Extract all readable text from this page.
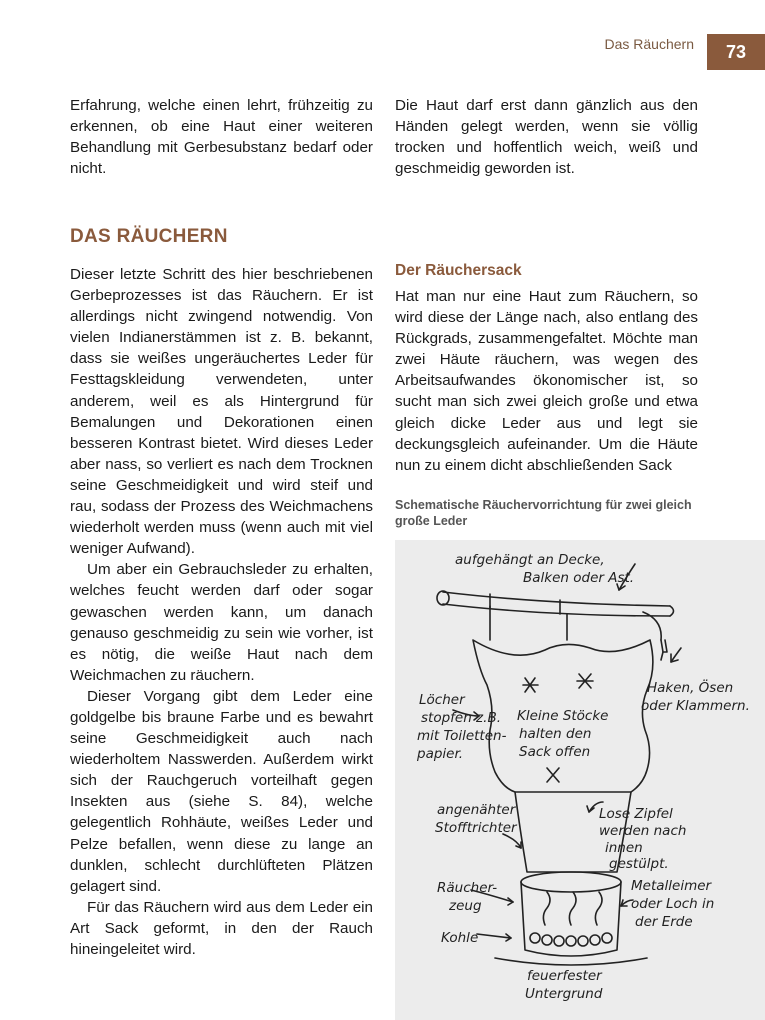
Das Räuchern	73

Erfahrung, welche einen lehrt, frühzeitig zu erkennen, ob eine Haut einer weiteren Behandlung mit Gerbesubstanz bedarf oder nicht.

Die Haut darf erst dann gänzlich aus den Händen gelegt werden, wenn sie völlig trocken und hoffentlich weich, weiß und geschmeidig geworden ist.

DAS RÄUCHERN

Dieser letzte Schritt des hier beschriebenen Gerbeprozesses ist das Räuchern. Er ist allerdings nicht zwingend notwendig. Von vielen Indianerstämmen ist z. B. bekannt, dass sie weißes ungeräuchertes Leder für Festtagskleidung verwendeten, unter anderem, weil es als Hintergrund für Bemalungen und Dekorationen einen besseren Kontrast bietet. Wird dieses Leder aber nass, so verliert es nach dem Trocknen seine Geschmeidigkeit und wird steif und rau, sodass der Prozess des Weichmachens wiederholt werden muss (wenn auch mit viel weniger Aufwand).

Um aber ein Gebrauchsleder zu erhalten, welches feucht werden darf oder sogar gewaschen werden kann, um danach genauso geschmeidig zu sein wie vorher, ist es nötig, die weiße Haut nach dem Weichmachen zu räuchern.

Dieser Vorgang gibt dem Leder eine goldgelbe bis braune Farbe und es bewahrt seine Geschmeidigkeit auch nach wiederholtem Nasswerden. Außerdem wirkt sich der Rauchgeruch vorteilhaft gegen Insekten aus (siehe S. 84), welche gelegentlich Rohhäute, weißes Leder und Pelze befallen, wenn diese zu lange an dunklen, schlecht durchlüfteten Plätzen gelagert sind.

Für das Räuchern wird aus dem Leder ein Art Sack geformt, in den der Rauch hineingeleitet wird.

Der Räuchersack

Hat man nur eine Haut zum Räuchern, so wird diese der Länge nach, also entlang des Rückgrads, zusammengefaltet. Möchte man zwei Häute räuchern, was wegen des Arbeitsaufwandes ökonomischer ist, so sucht man sich zwei gleich große und etwa gleich dicke Leder aus und legt sie deckungsgleich aufeinander. Um die Häute nun zu einem dicht abschließenden Sack

Schematische Räuchervorrichtung für zwei gleich große Leder
aufgehängt an Decke,
Balken oder Ast.
Haken, Ösen
oder Klammern.
Löcher
stopfen z.B.
mit Toiletten-
papier.
Kleine Stöcke
halten den
Sack offen
angenähter
Stofftrichter
Lose Zipfel
werden nach
innen
gestülpt.
Räucher-
zeug
Metalleimer
oder Loch in
der Erde
Kohle
feuerfester
Untergrund
